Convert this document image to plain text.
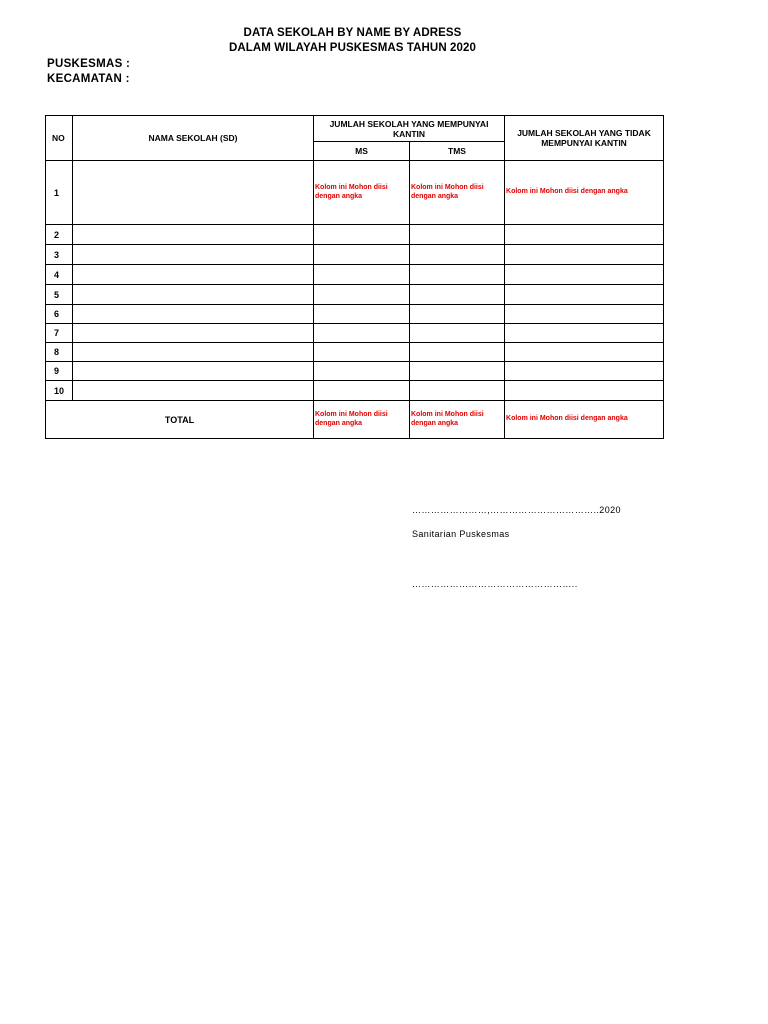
DATA SEKOLAH BY NAME BY ADRESS
DALAM WILAYAH PUSKESMAS TAHUN 2020
PUSKESMAS :
KECAMATAN :
NO	NAMA SEKOLAH (SD)	JUMLAH SEKOLAH YANG MEMPUNYAI KANTIN		JUMLAH SEKOLAH YANG TIDAK MEMPUNYAI KANTIN
		MS	TMS	
1		Kolom ini Mohon diisi dengan angka	Kolom ini Mohon diisi dengan angka	Kolom ini Mohon diisi dengan angka
2				
3				
4				
5				
6				
7				
8				
9				
10				
TOTAL		Kolom ini Mohon diisi dengan angka	Kolom ini Mohon diisi dengan angka	Kolom ini Mohon diisi dengan angka
……………………,……………………………..2020
Sanitarian Puskesmas
……………………………………………..
